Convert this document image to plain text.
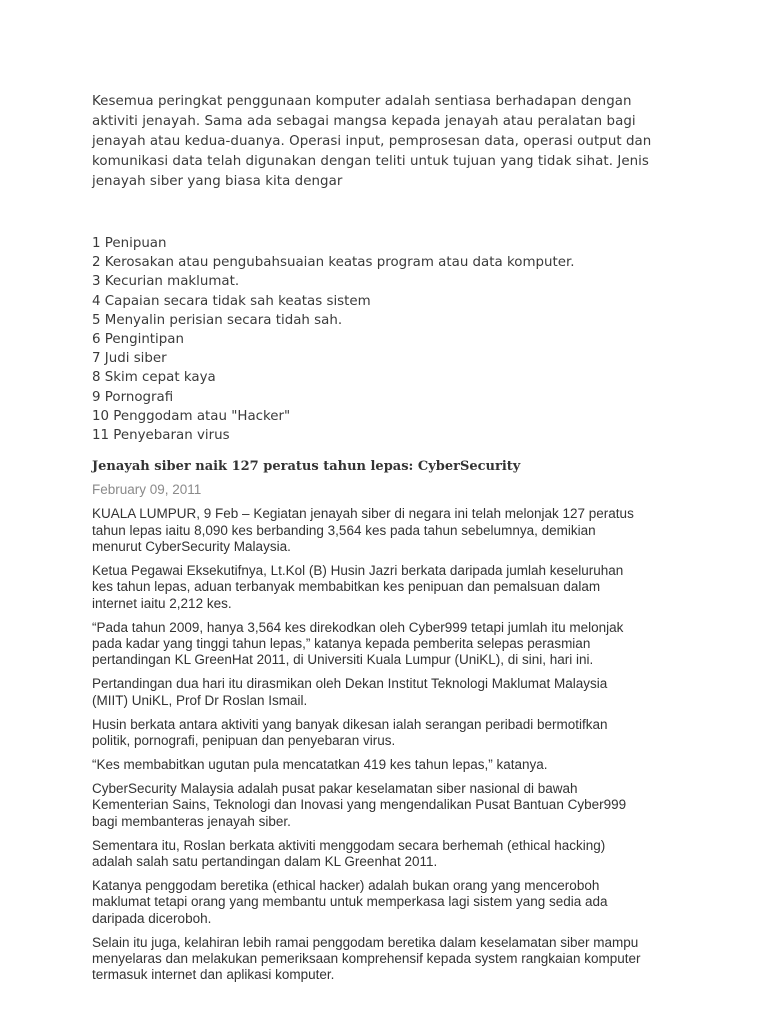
Kesemua peringkat penggunaan komputer adalah sentiasa berhadapan dengan
aktiviti jenayah. Sama ada sebagai mangsa kepada jenayah atau peralatan bagi
jenayah atau kedua-duanya. Operasi input, pemprosesan data, operasi output dan
komunikasi data telah digunakan dengan teliti untuk tujuan yang tidak sihat. Jenis
jenayah siber yang biasa kita dengar

1 Penipuan
2 Kerosakan atau pengubahsuaian keatas program atau data komputer.
3 Kecurian maklumat.
4 Capaian secara tidak sah keatas sistem
5 Menyalin perisian secara tidah sah.
6 Pengintipan
7 Judi siber
8 Skim cepat kaya
9 Pornografi
10 Penggodam atau "Hacker"
11 Penyebaran virus
Jenayah siber naik 127 peratus tahun lepas: CyberSecurity
February 09, 2011

KUALA LUMPUR, 9 Feb – Kegiatan jenayah siber di negara ini telah melonjak 127 peratus
tahun lepas iaitu 8,090 kes berbanding 3,564 kes pada tahun sebelumnya, demikian
menurut CyberSecurity Malaysia.

Ketua Pegawai Eksekutifnya, Lt.Kol (B) Husin Jazri berkata daripada jumlah keseluruhan
kes tahun lepas, aduan terbanyak membabitkan kes penipuan dan pemalsuan dalam
internet iaitu 2,212 kes.

“Pada tahun 2009, hanya 3,564 kes direkodkan oleh Cyber999 tetapi jumlah itu melonjak
pada kadar yang tinggi tahun lepas,” katanya kepada pemberita selepas perasmian
pertandingan KL GreenHat 2011, di Universiti Kuala Lumpur (UniKL), di sini, hari ini.

Pertandingan dua hari itu dirasmikan oleh Dekan Institut Teknologi Maklumat Malaysia
(MIIT) UniKL, Prof Dr Roslan Ismail.

Husin berkata antara aktiviti yang banyak dikesan ialah serangan peribadi bermotifkan
politik, pornografi, penipuan dan penyebaran virus.

“Kes membabitkan ugutan pula mencatatkan 419 kes tahun lepas,” katanya.

CyberSecurity Malaysia adalah pusat pakar keselamatan siber nasional di bawah
Kementerian Sains, Teknologi dan Inovasi yang mengendalikan Pusat Bantuan Cyber999
bagi membanteras jenayah siber.

Sementara itu, Roslan berkata aktiviti menggodam secara berhemah (ethical hacking)
adalah salah satu pertandingan dalam KL Greenhat 2011.

Katanya penggodam beretika (ethical hacker) adalah bukan orang yang menceroboh
maklumat tetapi orang yang membantu untuk memperkasa lagi sistem yang sedia ada
daripada diceroboh.

Selain itu juga, kelahiran lebih ramai penggodam beretika dalam keselamatan siber mampu
menyelaras dan melakukan pemeriksaan komprehensif kepada system rangkaian komputer
termasuk internet dan aplikasi komputer.
